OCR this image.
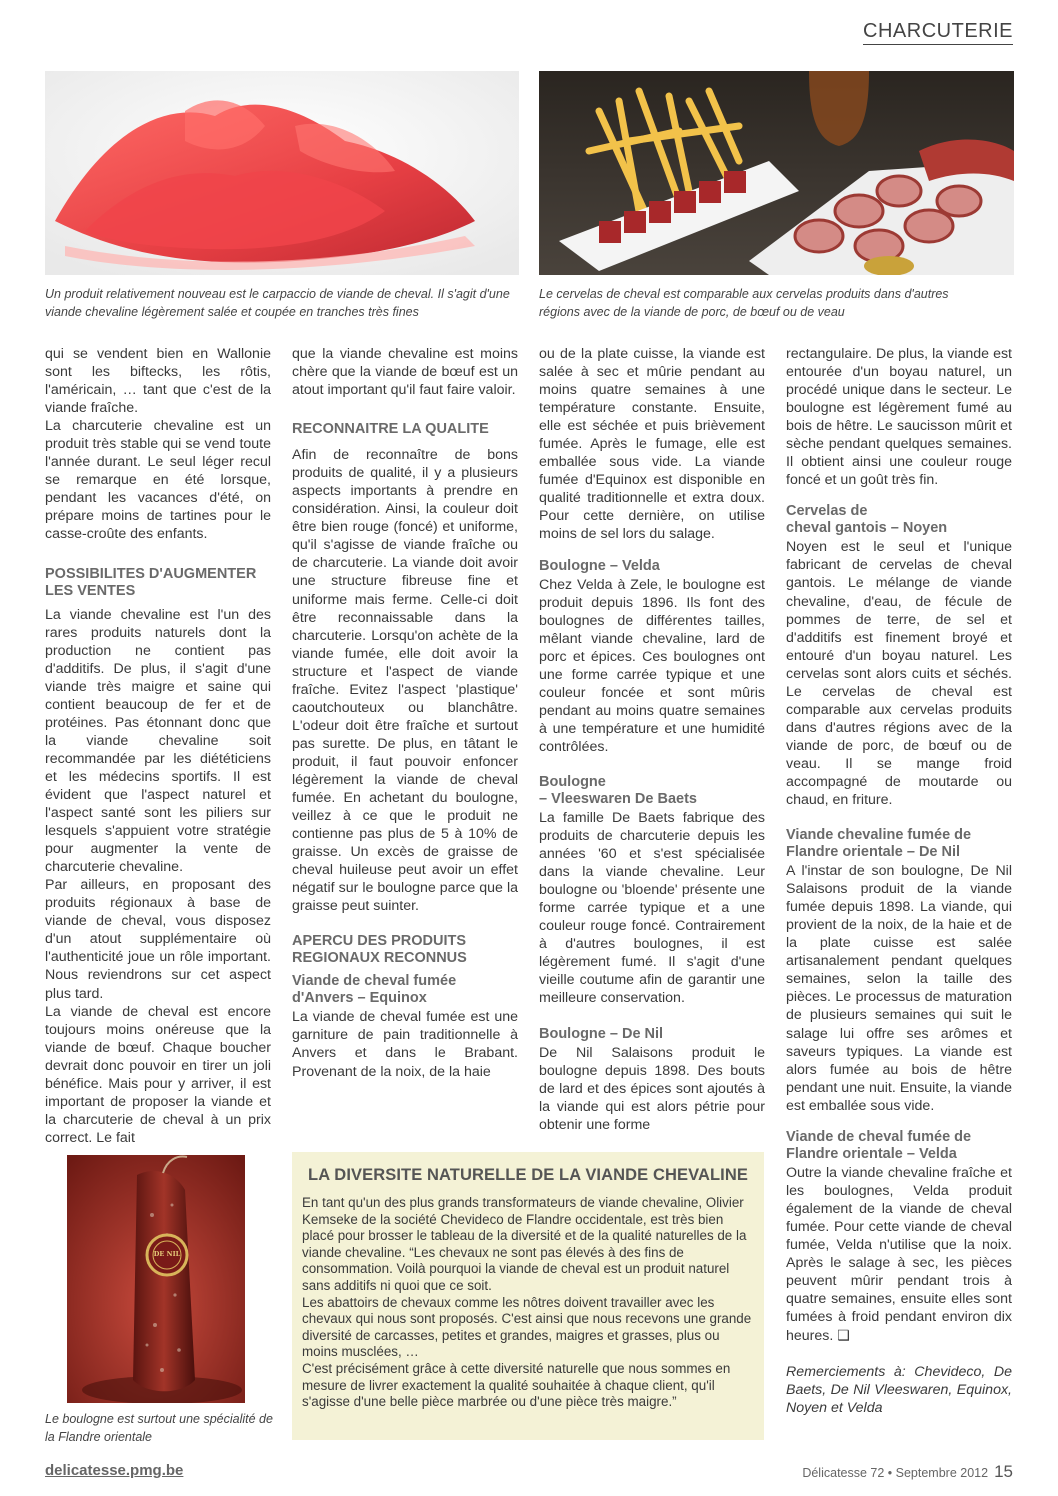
CHARCUTERIE
Un produit relativement nouveau est le carpaccio de viande de cheval. Il s'agit d'une viande chevaline légèrement salée et coupée en tranches très fines
Le cervelas de cheval est comparable aux cervelas produits dans d'autres régions avec de la viande de porc, de bœuf ou de veau

qui se vendent bien en Wallonie sont les biftecks, les rôtis, l'américain, … tant que c'est de la viande fraîche.

La charcuterie chevaline est un produit très stable qui se vend toute l'année durant. Le seul léger recul se remarque en été lorsque, pendant les vacances d'été, on prépare moins de tartines pour le casse-croûte des enfants.

POSSIBILITES D'AUGMENTER LES VENTES

La viande chevaline est l'un des rares produits naturels dont la production ne contient pas d'additifs. De plus, il s'agit d'une viande très maigre et saine qui contient beaucoup de fer et de protéines. Pas étonnant donc que la viande chevaline soit recommandée par les diététiciens et les médecins sportifs. Il est évident que l'aspect naturel et l'aspect santé sont les piliers sur lesquels s'appuient votre stratégie pour augmenter la vente de charcuterie chevaline.

Par ailleurs, en proposant des produits régionaux à base de viande de cheval, vous disposez d'un atout supplémentaire où l'authenticité joue un rôle important. Nous reviendrons sur cet aspect plus tard.

La viande de cheval est encore toujours moins onéreuse que la viande de bœuf. Chaque boucher devrait donc pouvoir en tirer un joli bénéfice. Mais pour y arriver, il est important de proposer la viande et la charcuterie de cheval à un prix correct. Le fait

que la viande chevaline est moins chère que la viande de bœuf est un atout important qu'il faut faire valoir.

RECONNAITRE LA QUALITE

Afin de reconnaître de bons produits de qualité, il y a plusieurs aspects importants à prendre en considération. Ainsi, la couleur doit être bien rouge (foncé) et uniforme, qu'il s'agisse de viande fraîche ou de charcuterie. La viande doit avoir une structure fibreuse fine et uniforme mais ferme. Celle-ci doit être reconnaissable dans la charcuterie. Lorsqu'on achète de la viande fumée, elle doit avoir la structure et l'aspect de viande fraîche. Evitez l'aspect 'plastique' caoutchouteux ou blanchâtre. L'odeur doit être fraîche et surtout pas surette. De plus, en tâtant le produit, il faut pouvoir enfoncer légèrement la viande de cheval fumée. En achetant du boulogne, veillez à ce que le produit ne contienne pas plus de 5 à 10% de graisse. Un excès de graisse de cheval huileuse peut avoir un effet négatif sur le boulogne parce que la graisse peut suinter.

APERCU DES PRODUITS REGIONAUX RECONNUS
Viande de cheval fumée d'Anvers – Equinox

La viande de cheval fumée est une garniture de pain traditionnelle à Anvers et dans le Brabant. Provenant de la noix, de la haie

ou de la plate cuisse, la viande est salée à sec et mûrie pendant au moins quatre semaines à une température constante. Ensuite, elle est séchée et puis brièvement fumée. Après le fumage, elle est emballée sous vide. La viande fumée d'Equinox est disponible en qualité traditionnelle et extra doux. Pour cette dernière, on utilise moins de sel lors du salage.

Boulogne – Velda

Chez Velda à Zele, le boulogne est produit depuis 1896. Ils font des boulognes de différentes tailles, mêlant viande chevaline, lard de porc et épices. Ces boulognes ont une forme carrée typique et une couleur foncée et sont mûris pendant au moins quatre semaines à une température et une humidité contrôlées.

Boulogne
– Vleeswaren De Baets

La famille De Baets fabrique des produits de charcuterie depuis les années '60 et s'est spécialisée dans la viande chevaline. Leur boulogne ou 'bloende' présente une forme carrée typique et a une couleur rouge foncé. Contrairement à d'autres boulognes, il est légèrement fumé. Il s'agit d'une vieille coutume afin de garantir une meilleure conservation.

Boulogne – De Nil

De Nil Salaisons produit le boulogne depuis 1898. Des bouts de lard et des épices sont ajoutés à la viande qui est alors pétrie pour obtenir une forme

rectangulaire. De plus, la viande est entourée d'un boyau naturel, un procédé unique dans le secteur. Le boulogne est légèrement fumé au bois de hêtre. Le saucisson mûrit et sèche pendant quelques semaines. Il obtient ainsi une couleur rouge foncé et un goût très fin.

Cervelas de
cheval gantois – Noyen

Noyen est le seul et l'unique fabricant de cervelas de cheval gantois. Le mélange de viande chevaline, d'eau, de fécule de pommes de terre, de sel et d'additifs est finement broyé et entouré d'un boyau naturel. Les cervelas sont alors cuits et séchés. Le cervelas de cheval est comparable aux cervelas produits dans d'autres régions avec de la viande de porc, de bœuf ou de veau. Il se mange froid accompagné de moutarde ou chaud, en friture.

Viande chevaline fumée de Flandre orientale – De Nil

A l'instar de son boulogne, De Nil Salaisons produit de la viande fumée depuis 1898. La viande, qui provient de la noix, de la haie et de la plate cuisse est salée artisanalement pendant quelques semaines, selon la taille des pièces. Le processus de maturation de plusieurs semaines qui suit le salage lui offre ses arômes et saveurs typiques. La viande est alors fumée au bois de hêtre pendant une nuit. Ensuite, la viande est emballée sous vide.

Viande de cheval fumée de Flandre orientale – Velda

Outre la viande chevaline fraîche et les boulognes, Velda produit également de la viande de cheval fumée. Pour cette viande de cheval fumée, Velda n'utilise que la noix. Après le salage à sec, les pièces peuvent mûrir pendant trois à quatre semaines, ensuite elles sont fumées à froid pendant environ dix heures. ❑

Remerciements à: Chevideco, De Baets, De Nil Vleeswaren, Equinox, Noyen et Velda

DE NIL
Le boulogne est surtout une spécialité de la Flandre orientale
LA DIVERSITE NATURELLE DE LA VIANDE CHEVALINE

En tant qu'un des plus grands transformateurs de viande chevaline, Olivier Kemseke de la société Chevideco de Flandre occidentale, est très bien placé pour brosser le tableau de la diversité et de la qualité naturelles de la viande chevaline. “Les chevaux ne sont pas élevés à des fins de consommation. Voilà pourquoi la viande de cheval est un produit naturel sans additifs ni quoi que ce soit.

Les abattoirs de chevaux comme les nôtres doivent travailler avec les chevaux qui nous sont proposés. C'est ainsi que nous recevons une grande diversité de carcasses, petites et grandes, maigres et grasses, plus ou moins musclées, …

C'est précisément grâce à cette diversité naturelle que nous sommes en mesure de livrer exactement la qualité souhaitée à chaque client, qu'il s'agisse d'une belle pièce marbrée ou d'une pièce très maigre.”

delicatesse.pmg.be	Délicatesse 72 • Septembre 2012 15
